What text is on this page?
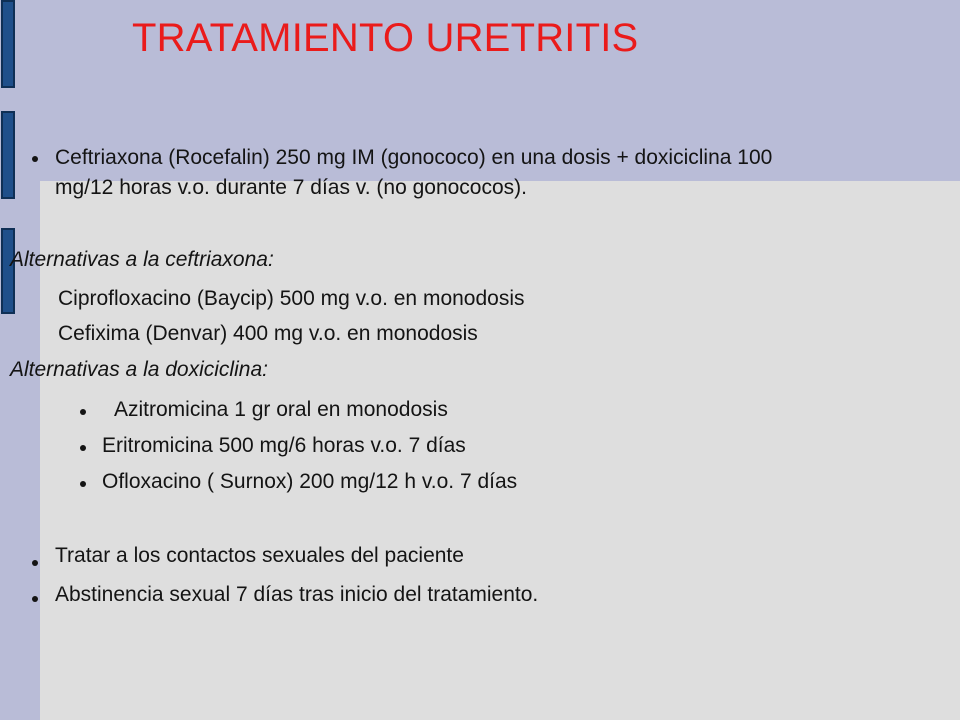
TRATAMIENTO URETRITIS
Ceftriaxona (Rocefalin) 250 mg IM (gonococo) en una dosis + doxiciclina 100
mg/12 horas v.o. durante 7 días v. (no gonococos).
Alternativas a la ceftriaxona:
Ciprofloxacino (Baycip) 500 mg v.o. en monodosis
Cefixima (Denvar) 400 mg v.o. en monodosis
Alternativas a la doxiciclina:
Azitromicina 1 gr oral en monodosis
Eritromicina 500 mg/6 horas v.o. 7 días
Ofloxacino ( Surnox) 200 mg/12 h v.o. 7 días
Tratar a los contactos sexuales del paciente
Abstinencia sexual 7 días tras inicio del tratamiento.
